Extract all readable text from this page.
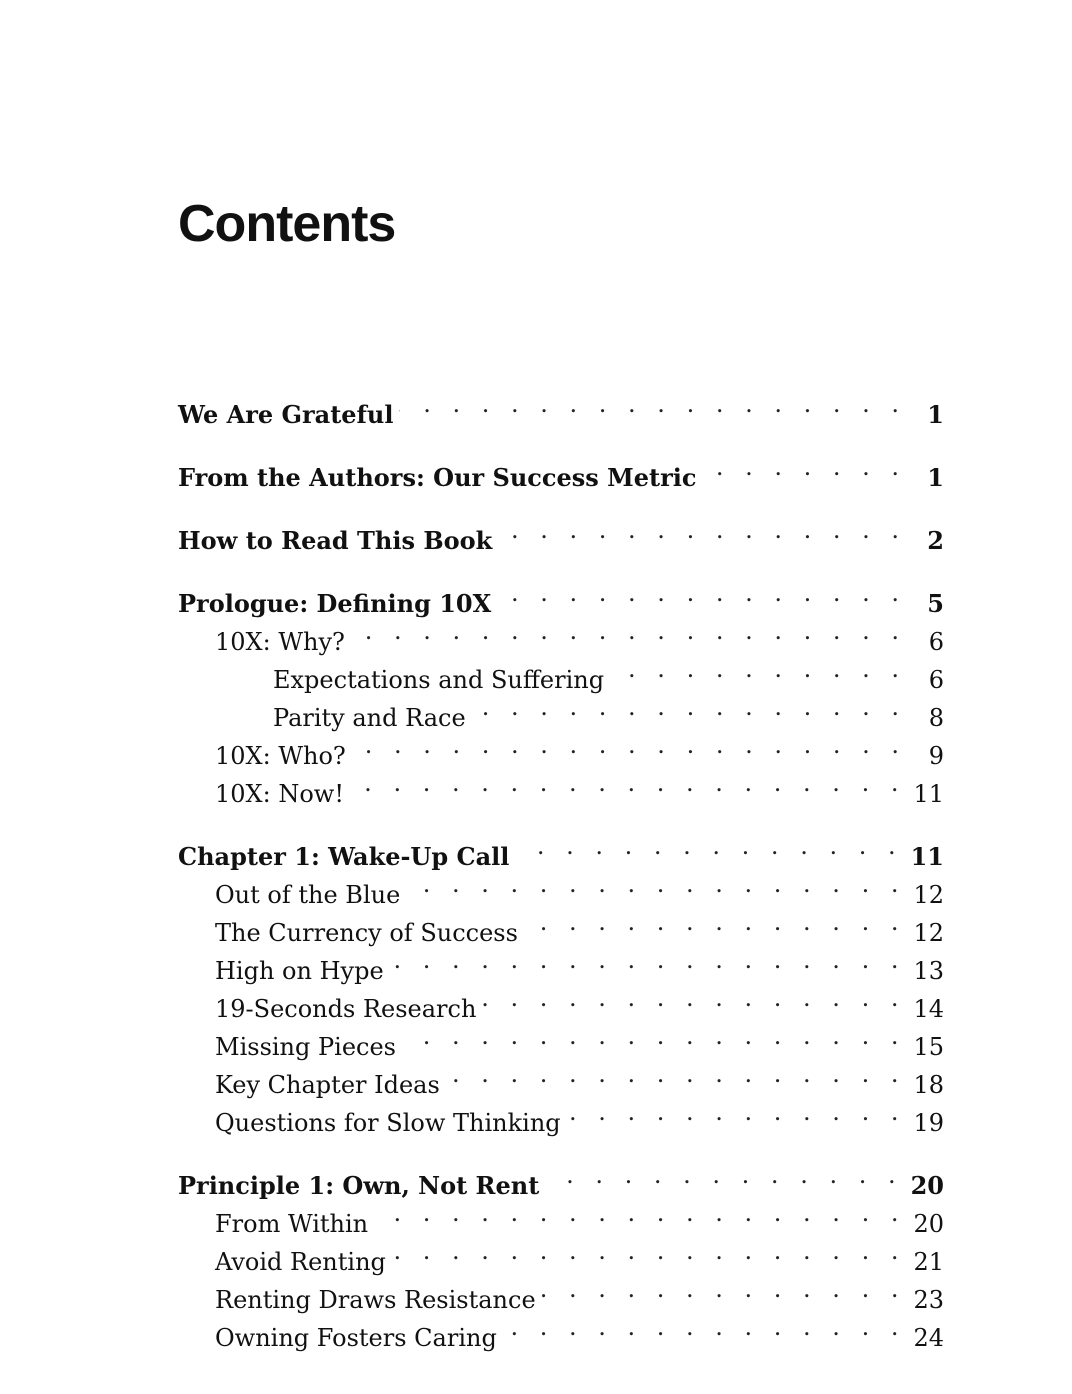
Contents
We Are Grateful . . .	1
From the Authors: Our Success Metric . . .	1
How to Read This Book . . .	2
Prologue: Defining 10X . . .	5
10X: Why? . . .	6
Expectations and Suffering . . .	6
Parity and Race . . .	8
10X: Who? . . .	9
10X: Now! . . .	11
Chapter 1: Wake-Up Call . . .	11
Out of the Blue . . .	12
The Currency of Success . . .	12
High on Hype . . .	13
19-Seconds Research . . .	14
Missing Pieces . . .	15
Key Chapter Ideas . . .	18
Questions for Slow Thinking . . .	19
Principle 1: Own, Not Rent . . .	20
From Within . . .	20
Avoid Renting . . .	21
Renting Draws Resistance . . .	23
Owning Fosters Caring . . .	24
